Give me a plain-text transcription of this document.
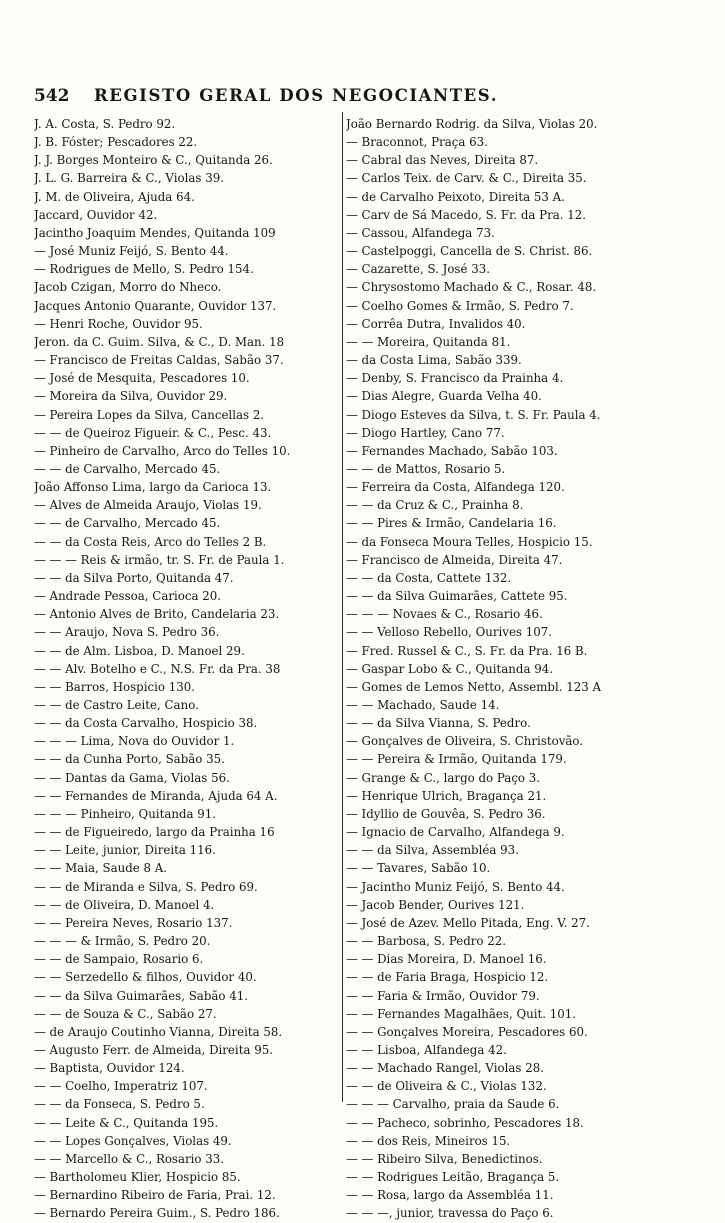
542	REGISTO GERAL DOS NEGOCIANTES.
J. A. Costa, S. Pedro 92.
J. B. Fóster; Pescadores 22.
J. J. Borges Monteiro & C., Quitanda 26.
J. L. G. Barreira & C., Violas 39.
J. M. de Oliveira, Ajuda 64.
Jaccard, Ouvidor 42.
Jacintho Joaquim Mendes, Quitanda 109
— José Muniz Feijó, S. Bento 44.
— Rodrigues de Mello, S. Pedro 154.
Jacob Czigan, Morro do Nheco.
Jacques Antonio Quarante, Ouvidor 137.
— Henri Roche, Ouvidor 95.
Jeron. da C. Guim. Silva, & C., D. Man. 18
— Francisco de Freitas Caldas, Sabão 37.
— José de Mesquita, Pescadores 10.
— Moreira da Silva, Ouvidor 29.
— Pereira Lopes da Silva, Cancellas 2.
— — de Queiroz Figueir. & C., Pesc. 43.
— Pinheiro de Carvalho, Arco do Telles 10.
— — de Carvalho, Mercado 45.
João Affonso Lima, largo da Carioca 13.
— Alves de Almeida Araujo, Violas 19.
— — de Carvalho, Mercado 45.
— — da Costa Reis, Arco do Telles 2 B.
— — — Reis & irmão, tr. S. Fr. de Paula 1.
— — da Silva Porto, Quitanda 47.
— Andrade Pessoa, Carioca 20.
— Antonio Alves de Brito, Candelaria 23.
— — Araujo, Nova S. Pedro 36.
— — de Alm. Lisboa, D. Manoel 29.
— — Alv. Botelho e C., N.S. Fr. da Pra. 38
— — Barros, Hospicio 130.
— — de Castro Leite, Cano.
— — da Costa Carvalho, Hospicio 38.
— — — Lima, Nova do Ouvidor 1.
— — da Cunha Porto, Sabão 35.
— — Dantas da Gama, Violas 56.
— — Fernandes de Miranda, Ajuda 64 A.
— — — Pinheiro, Quitanda 91.
— — de Figueiredo, largo da Prainha 16
— — Leite, junior, Direita 116.
— — Maia, Saude 8 A.
— — de Miranda e Silva, S. Pedro 69.
— — de Oliveira, D. Manoel 4.
— — Pereira Neves, Rosario 137.
— — — & Irmão, S. Pedro 20.
— — de Sampaio, Rosario 6.
— — Serzedello & filhos, Ouvidor 40.
— — da Silva Guimarães, Sabão 41.
— — de Souza & C., Sabão 27.
— de Araujo Coutinho Vianna, Direita 58.
— Augusto Ferr. de Almeida, Direita 95.
— Baptista, Ouvidor 124.
— — Coelho, Imperatriz 107.
— — da Fonseca, S. Pedro 5.
— — Leite & C., Quitanda 195.
— — Lopes Gonçalves, Violas 49.
— — Marcello & C., Rosario 33.
— Bartholomeu Klier, Hospicio 85.
— Bernardino Ribeiro de Faria, Prai. 12.
— Bernardo Pereira Guim., S. Pedro 186.
João Bernardo Rodrig. da Silva, Violas 20.
— Braconnot, Praça 63.
— Cabral das Neves, Direita 87.
— Carlos Teix. de Carv. & C., Direita 35.
— de Carvalho Peixoto, Direita 53 A.
— Carv de Sá Macedo, S. Fr. da Pra. 12.
— Cassou, Alfandega 73.
— Castelpoggi, Cancella de S. Christ. 86.
— Cazarette, S. José 33.
— Chrysostomo Machado & C., Rosar. 48.
— Coelho Gomes & Irmão, S. Pedro 7.
— Corrêa Dutra, Invalidos 40.
— — Moreira, Quitanda 81.
— da Costa Lima, Sabão 339.
— Denby, S. Francisco da Prainha 4.
— Dias Alegre, Guarda Velha 40.
— Diogo Esteves da Silva, t. S. Fr. Paula 4.
— Diogo Hartley, Cano 77.
— Fernandes Machado, Sabão 103.
— — de Mattos, Rosario 5.
— Ferreira da Costa, Alfandega 120.
— — da Cruz & C., Prainha 8.
— — Pires & Irmão, Candelaria 16.
— da Fonseca Moura Telles, Hospicio 15.
— Francisco de Almeida, Direita 47.
— — da Costa, Cattete 132.
— — da Silva Guimarães, Cattete 95.
— — — Novaes & C., Rosario 46.
— — Velloso Rebello, Ourives 107.
— Fred. Russel & C., S. Fr. da Pra. 16 B.
— Gaspar Lobo & C., Quitanda 94.
— Gomes de Lemos Netto, Assembl. 123 A
— — Machado, Saude 14.
— — da Silva Vianna, S. Pedro.
— Gonçalves de Oliveira, S. Christovão.
— — Pereira & Irmão, Quitanda 179.
— Grange & C., largo do Paço 3.
— Henrique Ulrich, Bragança 21.
— Idyllio de Gouvêa, S. Pedro 36.
— Ignacio de Carvalho, Alfandega 9.
— — da Silva, Assembléa 93.
— — Tavares, Sabão 10.
— Jacintho Muniz Feijó, S. Bento 44.
— Jacob Bender, Ourives 121.
— José de Azev. Mello Pitada, Eng. V. 27.
— — Barbosa, S. Pedro 22.
— — Dias Moreira, D. Manoel 16.
— — de Faria Braga, Hospicio 12.
— — Faria & Irmão, Ouvidor 79.
— — Fernandes Magalhães, Quit. 101.
— — Gonçalves Moreira, Pescadores 60.
— — Lisboa, Alfandega 42.
— — Machado Rangel, Violas 28.
— — de Oliveira & C., Violas 132.
— — — Carvalho, praia da Saude 6.
— — Pacheco, sobrinho, Pescadores 18.
— — dos Reis, Mineiros 15.
— — Ribeiro Silva, Benedictinos.
— — Rodrigues Leitão, Bragança 5.
— — Rosa, largo da Assembléa 11.
— — —, junior, travessa do Paço 6.
